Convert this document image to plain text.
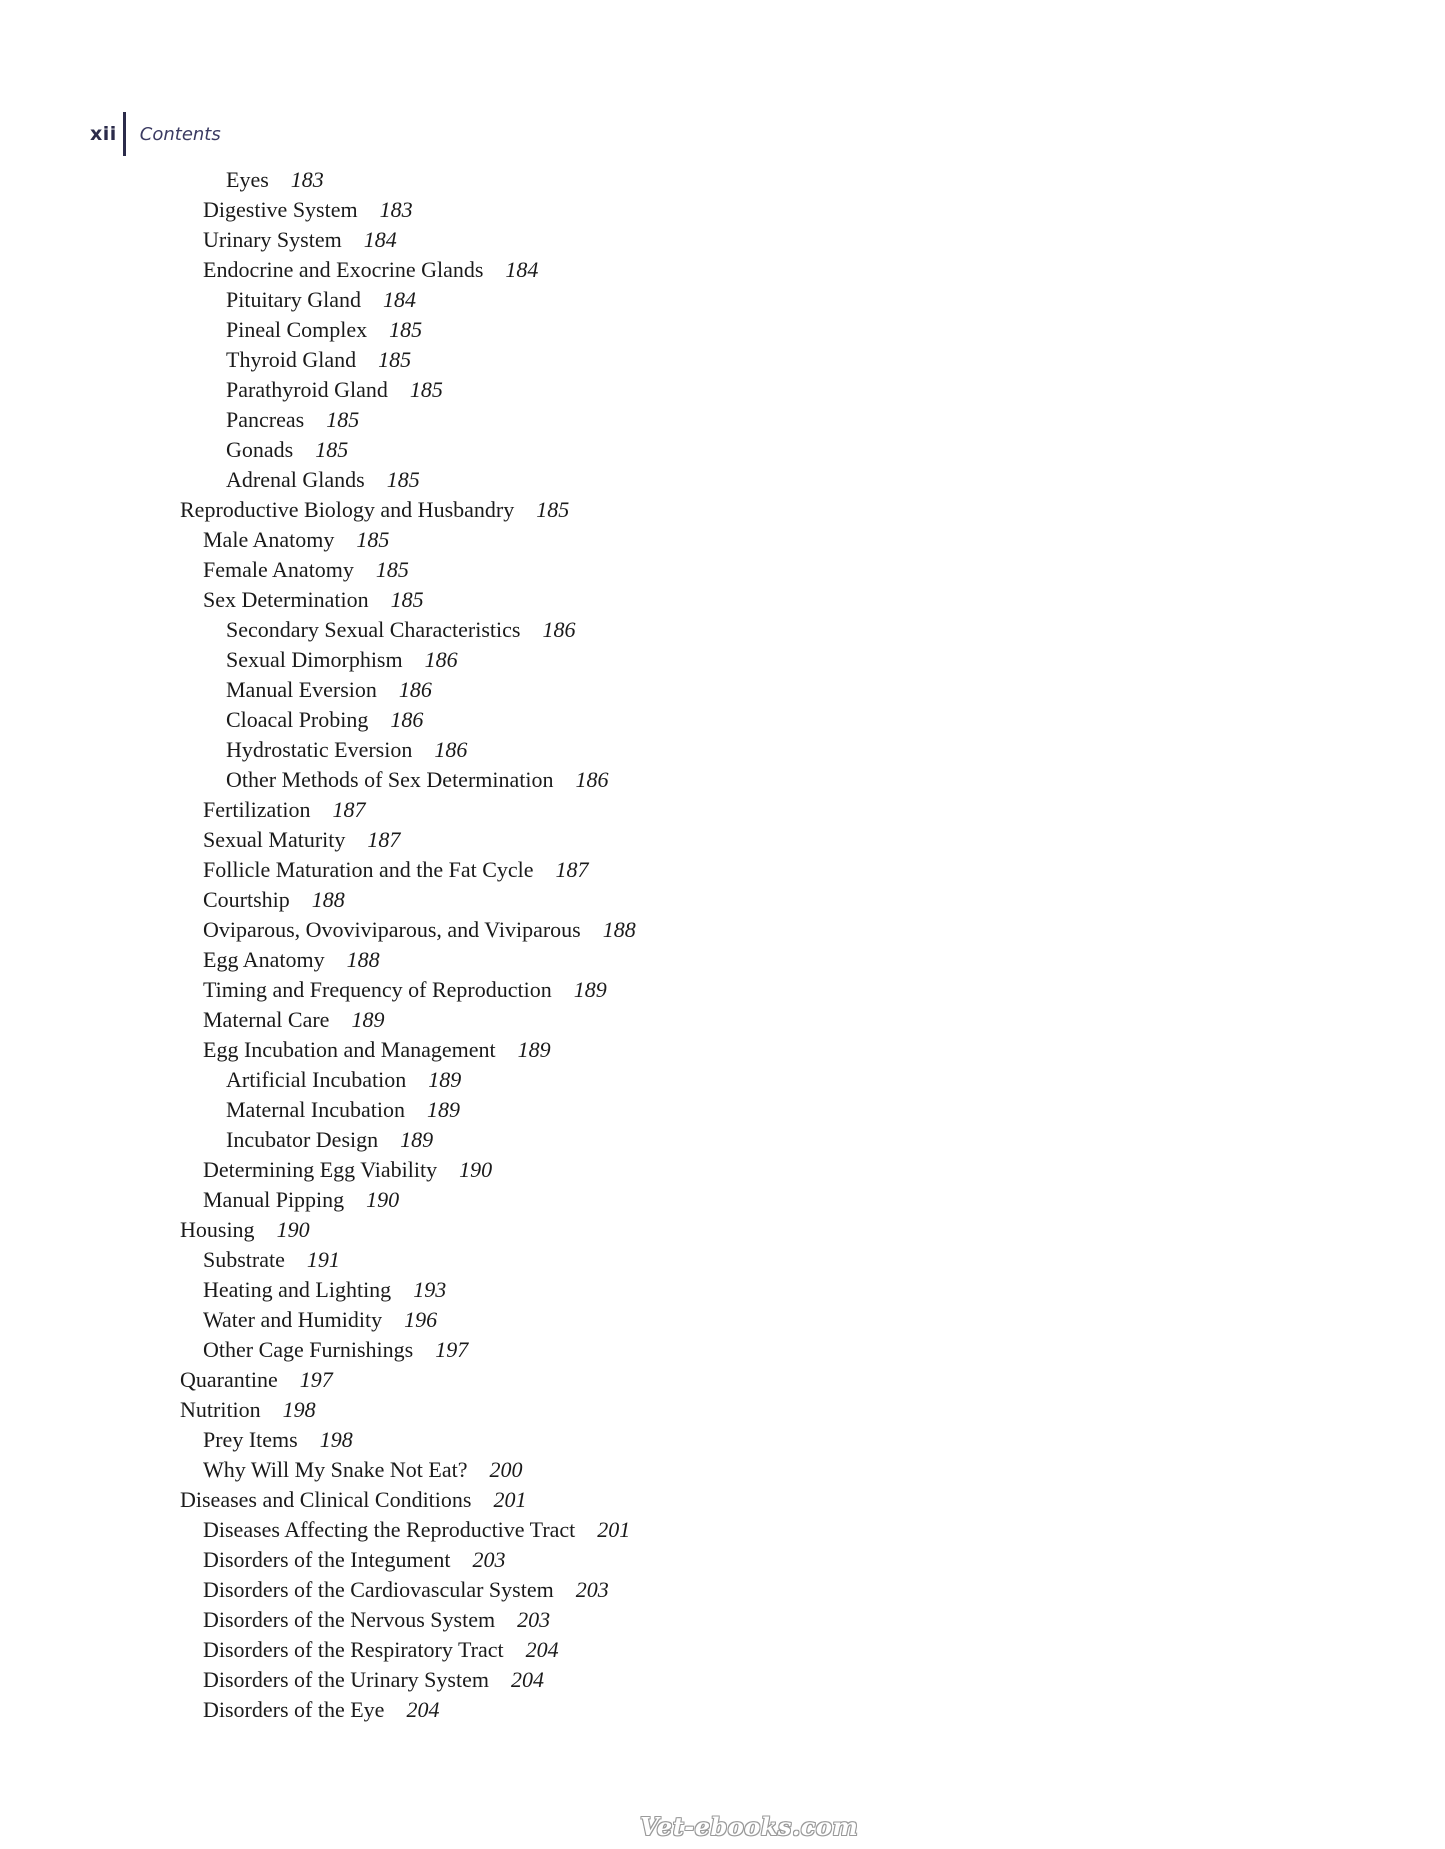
xii Contents
Eyes 183
Digestive System 183
Urinary System 184
Endocrine and Exocrine Glands 184
Pituitary Gland 184
Pineal Complex 185
Thyroid Gland 185
Parathyroid Gland 185
Pancreas 185
Gonads 185
Adrenal Glands 185
Reproductive Biology and Husbandry 185
Male Anatomy 185
Female Anatomy 185
Sex Determination 185
Secondary Sexual Characteristics 186
Sexual Dimorphism 186
Manual Eversion 186
Cloacal Probing 186
Hydrostatic Eversion 186
Other Methods of Sex Determination 186
Fertilization 187
Sexual Maturity 187
Follicle Maturation and the Fat Cycle 187
Courtship 188
Oviparous, Ovoviviparous, and Viviparous 188
Egg Anatomy 188
Timing and Frequency of Reproduction 189
Maternal Care 189
Egg Incubation and Management 189
Artificial Incubation 189
Maternal Incubation 189
Incubator Design 189
Determining Egg Viability 190
Manual Pipping 190
Housing 190
Substrate 191
Heating and Lighting 193
Water and Humidity 196
Other Cage Furnishings 197
Quarantine 197
Nutrition 198
Prey Items 198
Why Will My Snake Not Eat? 200
Diseases and Clinical Conditions 201
Diseases Affecting the Reproductive Tract 201
Disorders of the Integument 203
Disorders of the Cardiovascular System 203
Disorders of the Nervous System 203
Disorders of the Respiratory Tract 204
Disorders of the Urinary System 204
Disorders of the Eye 204
Vet-ebooks.com
